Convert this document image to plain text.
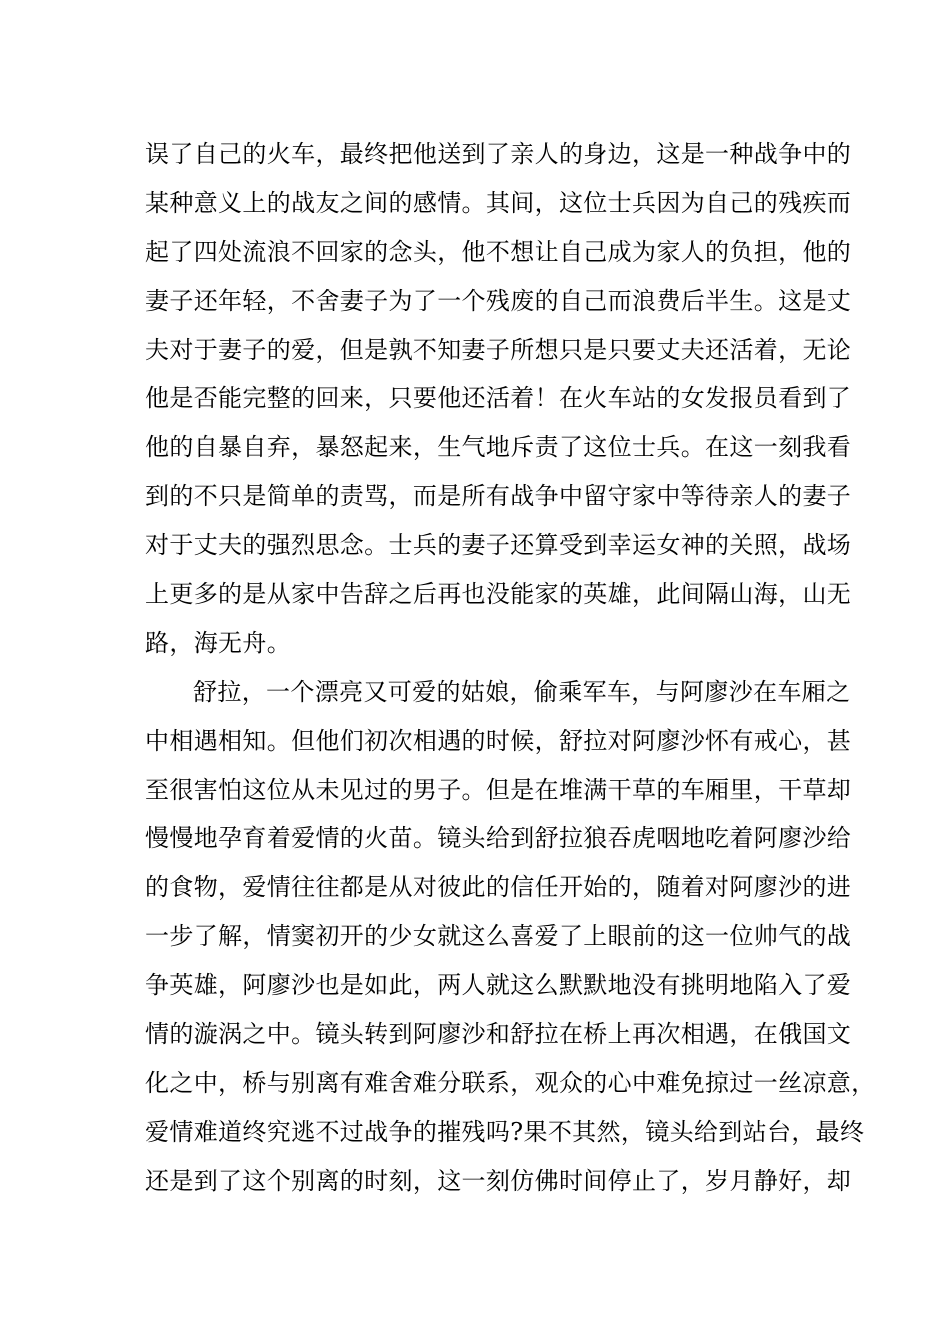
误了自己的火车，最终把他送到了亲人的身边，这是一种战争中的
某种意义上的战友之间的感情。其间，这位士兵因为自己的残疾而
起了四处流浪不回家的念头，他不想让自己成为家人的负担，他的
妻子还年轻，不舍妻子为了一个残废的自己而浪费后半生。这是丈
夫对于妻子的爱，但是孰不知妻子所想只是只要丈夫还活着，无论
他是否能完整的回来，只要他还活着！在火车站的女发报员看到了
他的自暴自弃，暴怒起来，生气地斥责了这位士兵。在这一刻我看
到的不只是简单的责骂，而是所有战争中留守家中等待亲人的妻子
对于丈夫的强烈思念。士兵的妻子还算受到幸运女神的关照，战场
上更多的是从家中告辞之后再也没能家的英雄，此间隔山海，山无
路，海无舟。
舒拉，一个漂亮又可爱的姑娘，偷乘军车，与阿廖沙在车厢之
中相遇相知。但他们初次相遇的时候，舒拉对阿廖沙怀有戒心，甚
至很害怕这位从未见过的男子。但是在堆满干草的车厢里，干草却
慢慢地孕育着爱情的火苗。镜头给到舒拉狼吞虎咽地吃着阿廖沙给
的食物，爱情往往都是从对彼此的信任开始的，随着对阿廖沙的进
一步了解，情窦初开的少女就这么喜爱了上眼前的这一位帅气的战
争英雄，阿廖沙也是如此，两人就这么默默地没有挑明地陷入了爱
情的漩涡之中。镜头转到阿廖沙和舒拉在桥上再次相遇，在俄国文
化之中，桥与别离有难舍难分联系，观众的心中难免掠过一丝凉意，
爱情难道终究逃不过战争的摧残吗?果不其然，镜头给到站台，最终
还是到了这个别离的时刻，这一刻仿佛时间停止了，岁月静好，却
